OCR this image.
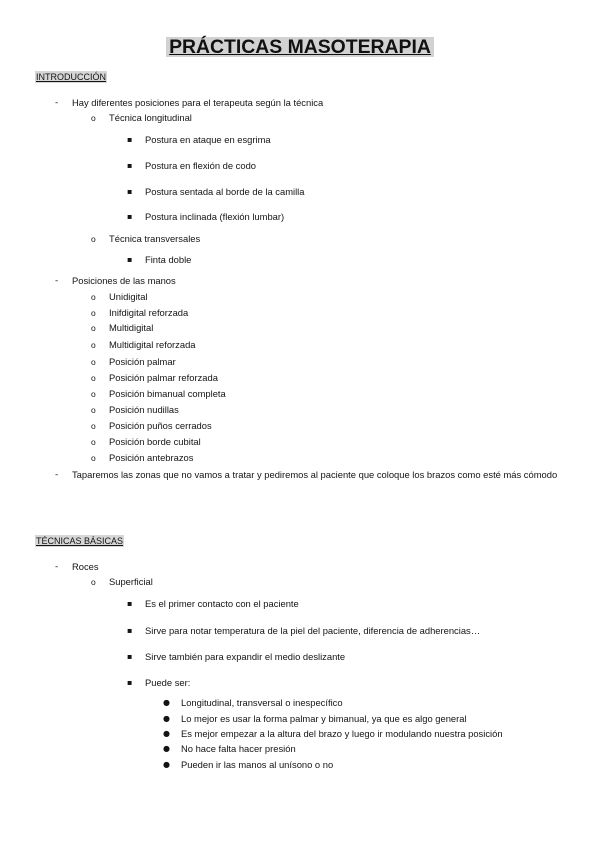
PRÁCTICAS MASOTERAPIA
INTRODUCCIÓN
- Hay diferentes posiciones para el terapeuta según la técnica
o Técnica longitudinal
▪ Postura en ataque en esgrima
▪ Postura en flexión de codo
▪ Postura sentada al borde de la camilla
▪ Postura inclinada (flexión lumbar)
o Técnica transversales
▪ Finta doble
- Posiciones de las manos
o Unidigital
o Inifdigital reforzada
o Multidigital
o Multidigital reforzada
o Posición palmar
o Posición palmar reforzada
o Posición bimanual completa
o Posición nudillas
o Posición puños cerrados
o Posición borde cubital
o Posición antebrazos
- Taparemos las zonas que no vamos a tratar y pediremos al paciente que coloque los brazos como esté más cómodo
TÉCNICAS BÁSICAS
- Roces
o Superficial
▪ Es el primer contacto con el paciente
▪ Sirve para notar temperatura de la piel del paciente, diferencia de adherencias…
▪ Sirve también para expandir el medio deslizante
▪ Puede ser:
● Longitudinal, transversal o inespecífico
● Lo mejor es usar la forma palmar y bimanual, ya que es algo general
● Es mejor empezar a la altura del brazo y luego ir modulando nuestra posición
● No hace falta hacer presión
● Pueden ir las manos al unísono o no
